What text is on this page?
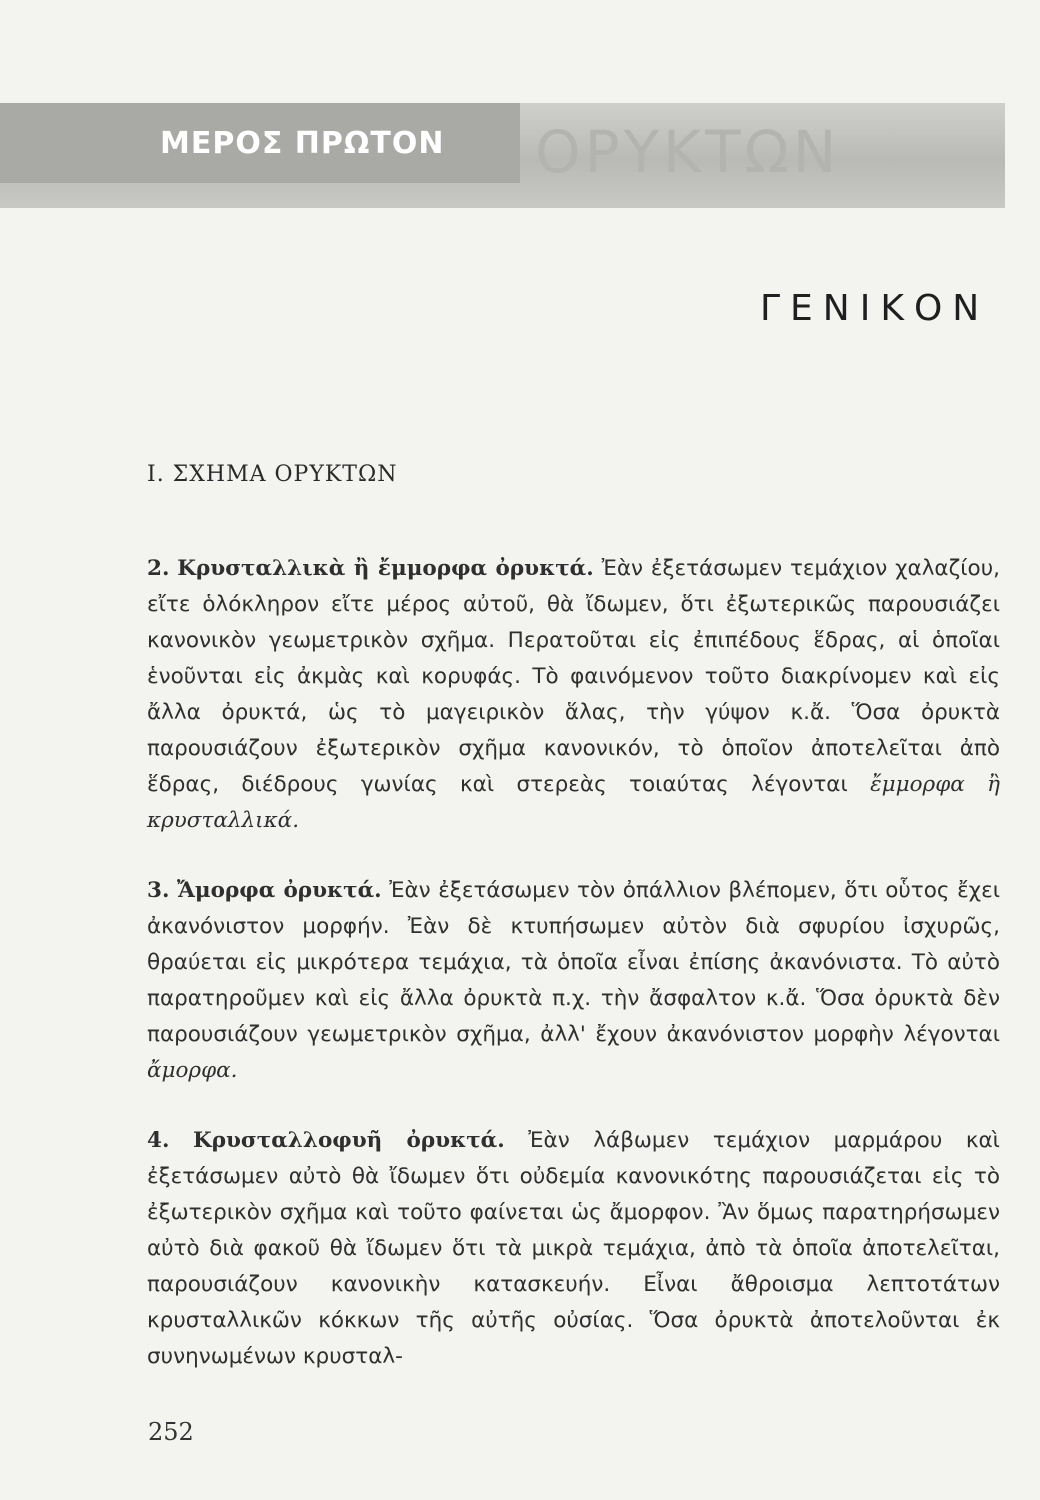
ΟΡΥΚΤΩΝ
ΜΕΡΟΣ ΠΡΩΤΟΝ
ΓΕΝΙΚΟΝ
Ι. ΣΧΗΜΑ ΟΡΥΚΤΩΝ
2. Κρυσταλλικὰ ἢ ἔμμορφα ὀρυκτά. Ἐὰν ἐξετάσωμεν τεμάχιον χαλαζίου, εἴτε ὁλόκληρον εἴτε μέρος αὐτοῦ, θὰ ἴδωμεν, ὅτι ἐξωτερικῶς παρουσιάζει κανονικὸν γεωμετρικὸν σχῆμα. Περατοῦται εἰς ἐπιπέδους ἕδρας, αἱ ὁποῖαι ἑνοῦνται εἰς ἀκμὰς καὶ κορυφάς. Τὸ φαινόμενον τοῦτο διακρίνομεν καὶ εἰς ἄλλα ὀρυκτά, ὡς τὸ μαγειρικὸν ἅλας, τὴν γύψον κ.ἄ. Ὅσα ὀρυκτὰ παρουσιάζουν ἐξωτερικὸν σχῆμα κανονικόν, τὸ ὁποῖον ἀποτελεῖται ἀπὸ ἕδρας, διέδρους γωνίας καὶ στερεὰς τοιαύτας λέγονται ἔμμορφα ἢ κρυσταλλικά.
3. Ἄμορφα ὀρυκτά. Ἐὰν ἐξετάσωμεν τὸν ὀπάλλιον βλέπομεν, ὅτι οὗτος ἔχει ἀκανόνιστον μορφήν. Ἐὰν δὲ κτυπήσωμεν αὐτὸν διὰ σφυρίου ἰσχυρῶς, θραύεται εἰς μικρότερα τεμάχια, τὰ ὁποῖα εἶναι ἐπίσης ἀκανόνιστα. Τὸ αὐτὸ παρατηροῦμεν καὶ εἰς ἄλλα ὀρυκτὰ π.χ. τὴν ἄσφαλτον κ.ἄ. Ὅσα ὀρυκτὰ δὲν παρουσιάζουν γεωμετρικὸν σχῆμα, ἀλλ' ἔχουν ἀκανόνιστον μορφὴν λέγονται ἄμορφα.
4. Κρυσταλλοφυῆ ὀρυκτά. Ἐὰν λάβωμεν τεμάχιον μαρμάρου καὶ ἐξετάσωμεν αὐτὸ θὰ ἴδωμεν ὅτι οὐδεμία κανονικότης παρουσιάζεται εἰς τὸ ἐξωτερικὸν σχῆμα καὶ τοῦτο φαίνεται ὡς ἄμορφον. Ἂν ὅμως παρατηρήσωμεν αὐτὸ διὰ φακοῦ θὰ ἴδωμεν ὅτι τὰ μικρὰ τεμάχια, ἀπὸ τὰ ὁποῖα ἀποτελεῖται, παρουσιάζουν κανονικὴν κατασκευήν. Εἶναι ἄθροισμα λεπτοτάτων κρυσταλλικῶν κόκκων τῆς αὐτῆς οὐσίας. Ὅσα ὀρυκτὰ ἀποτελοῦνται ἐκ συνηνωμένων κρυσταλ-
252
